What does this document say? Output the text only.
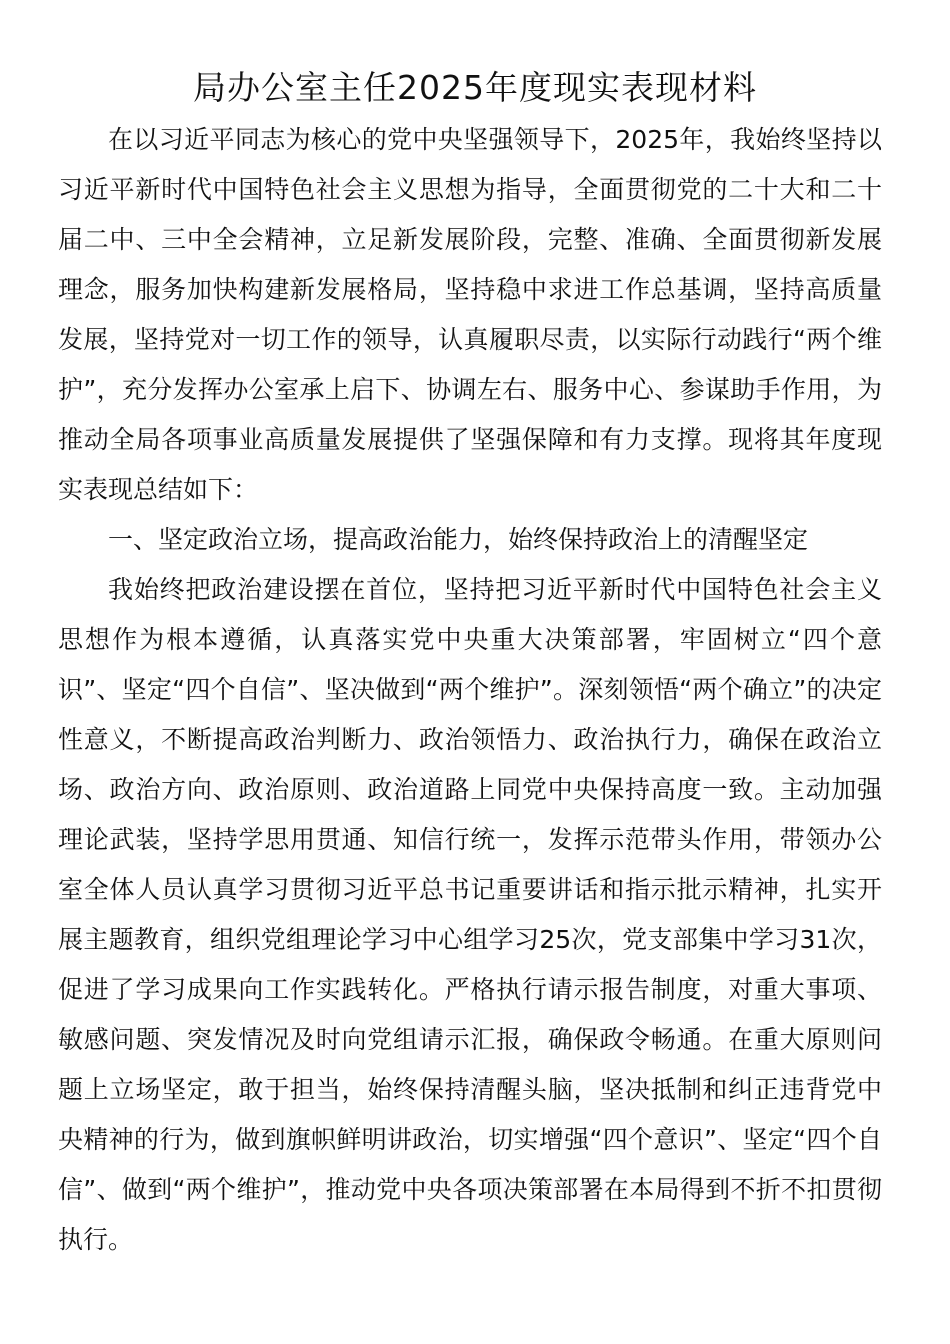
局办公室主任2025年度现实表现材料

在以习近平同志为核心的党中央坚强领导下，2025年，我始终坚持以习近平新时代中国特色社会主义思想为指导，全面贯彻党的二十大和二十届二中、三中全会精神，立足新发展阶段，完整、准确、全面贯彻新发展理念，服务加快构建新发展格局，坚持稳中求进工作总基调，坚持高质量发展，坚持党对一切工作的领导，认真履职尽责，以实际行动践行“两个维护”，充分发挥办公室承上启下、协调左右、服务中心、参谋助手作用，为推动全局各项事业高质量发展提供了坚强保障和有力支撑。现将其年度现实表现总结如下：

一、坚定政治立场，提高政治能力，始终保持政治上的清醒坚定

我始终把政治建设摆在首位，坚持把习近平新时代中国特色社会主义思想作为根本遵循，认真落实党中央重大决策部署，牢固树立“四个意识”、坚定“四个自信”、坚决做到“两个维护”。深刻领悟“两个确立”的决定性意义，不断提高政治判断力、政治领悟力、政治执行力，确保在政治立场、政治方向、政治原则、政治道路上同党中央保持高度一致。主动加强理论武装，坚持学思用贯通、知信行统一，发挥示范带头作用，带领办公室全体人员认真学习贯彻习近平总书记重要讲话和指示批示精神，扎实开展主题教育，组织党组理论学习中心组学习25次，党支部集中学习31次，促进了学习成果向工作实践转化。严格执行请示报告制度，对重大事项、敏感问题、突发情况及时向党组请示汇报，确保政令畅通。在重大原则问题上立场坚定，敢于担当，始终保持清醒头脑，坚决抵制和纠正违背党中央精神的行为，做到旗帜鲜明讲政治，切实增强“四个意识”、坚定“四个自信”、做到“两个维护”，推动党中央各项决策部署在本局得到不折不扣贯彻执行。
